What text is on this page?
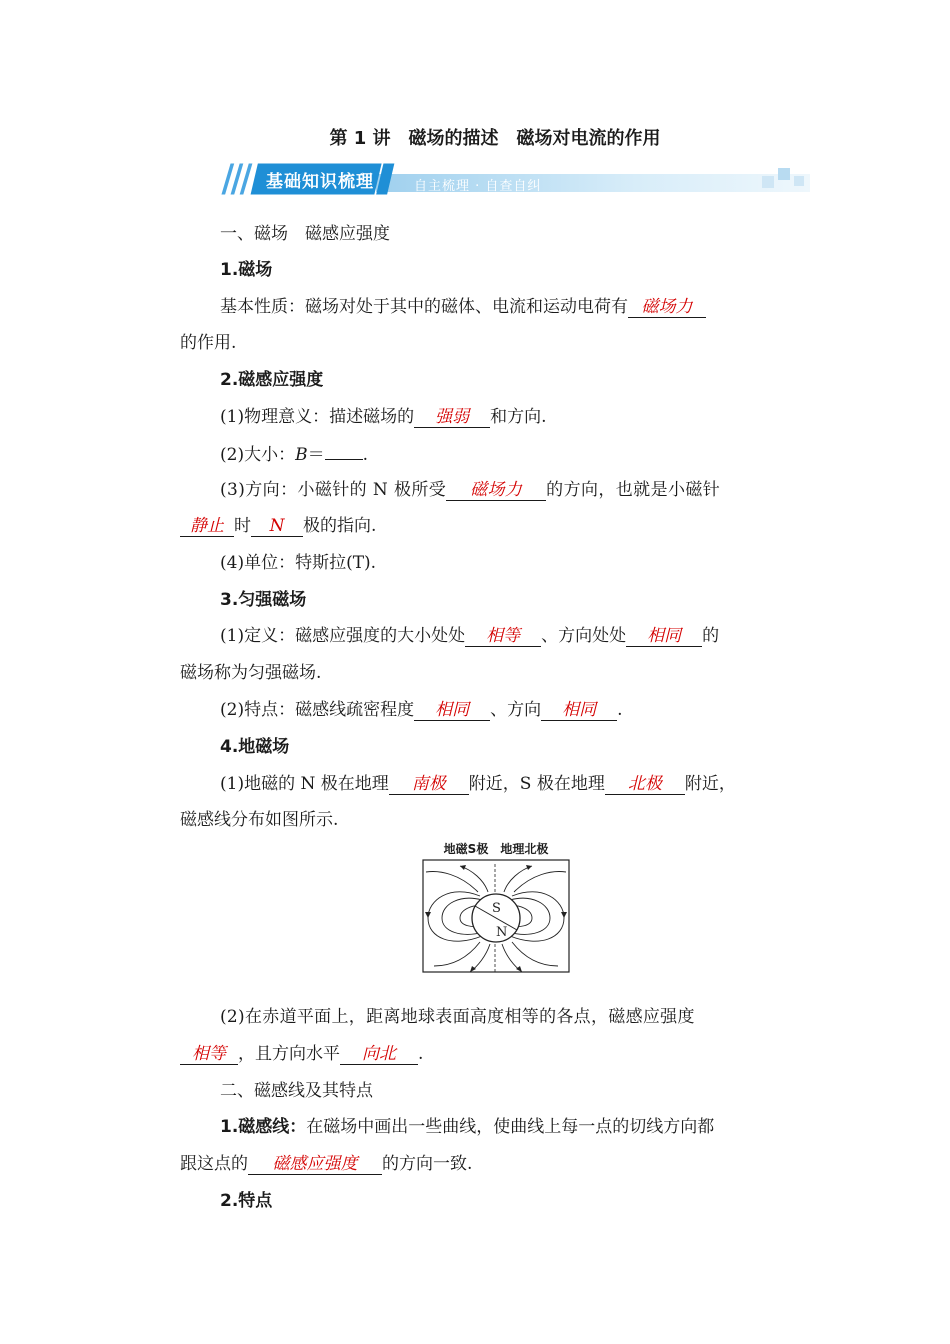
第 1 讲　磁场的描述　磁场对电流的作用
基础知识梳理	自主梳理 · 自查自纠
一、磁场　磁感应强度
1.磁场
基本性质：磁场对处于其中的磁体、电流和运动电荷有 磁场力
的作用.
2.磁感应强度
(1)物理意义：描述磁场的 强弱 和方向.
(2)大小：B＝ .
(3)方向：小磁针的 N 极所受 磁场力 的方向，也就是小磁针
静止 时 N 极的指向.
(4)单位：特斯拉(T).
3.匀强磁场
(1)定义：磁感应强度的大小处处 相等 、方向处处 相同 的
磁场称为匀强磁场.
(2)特点：磁感线疏密程度 相同 、方向 相同 .
4.地磁场
(1)地磁的 N 极在地理 南极 附近，S 极在地理 北极 附近，
磁感线分布如图所示.
地磁S极　地理北极
S
N
(2)在赤道平面上，距离地球表面高度相等的各点，磁感应强度
相等 ，且方向水平 向北 .
二、磁感线及其特点
1.磁感线：在磁场中画出一些曲线，使曲线上每一点的切线方向都
跟这点的 磁感应强度 的方向一致.
2.特点
